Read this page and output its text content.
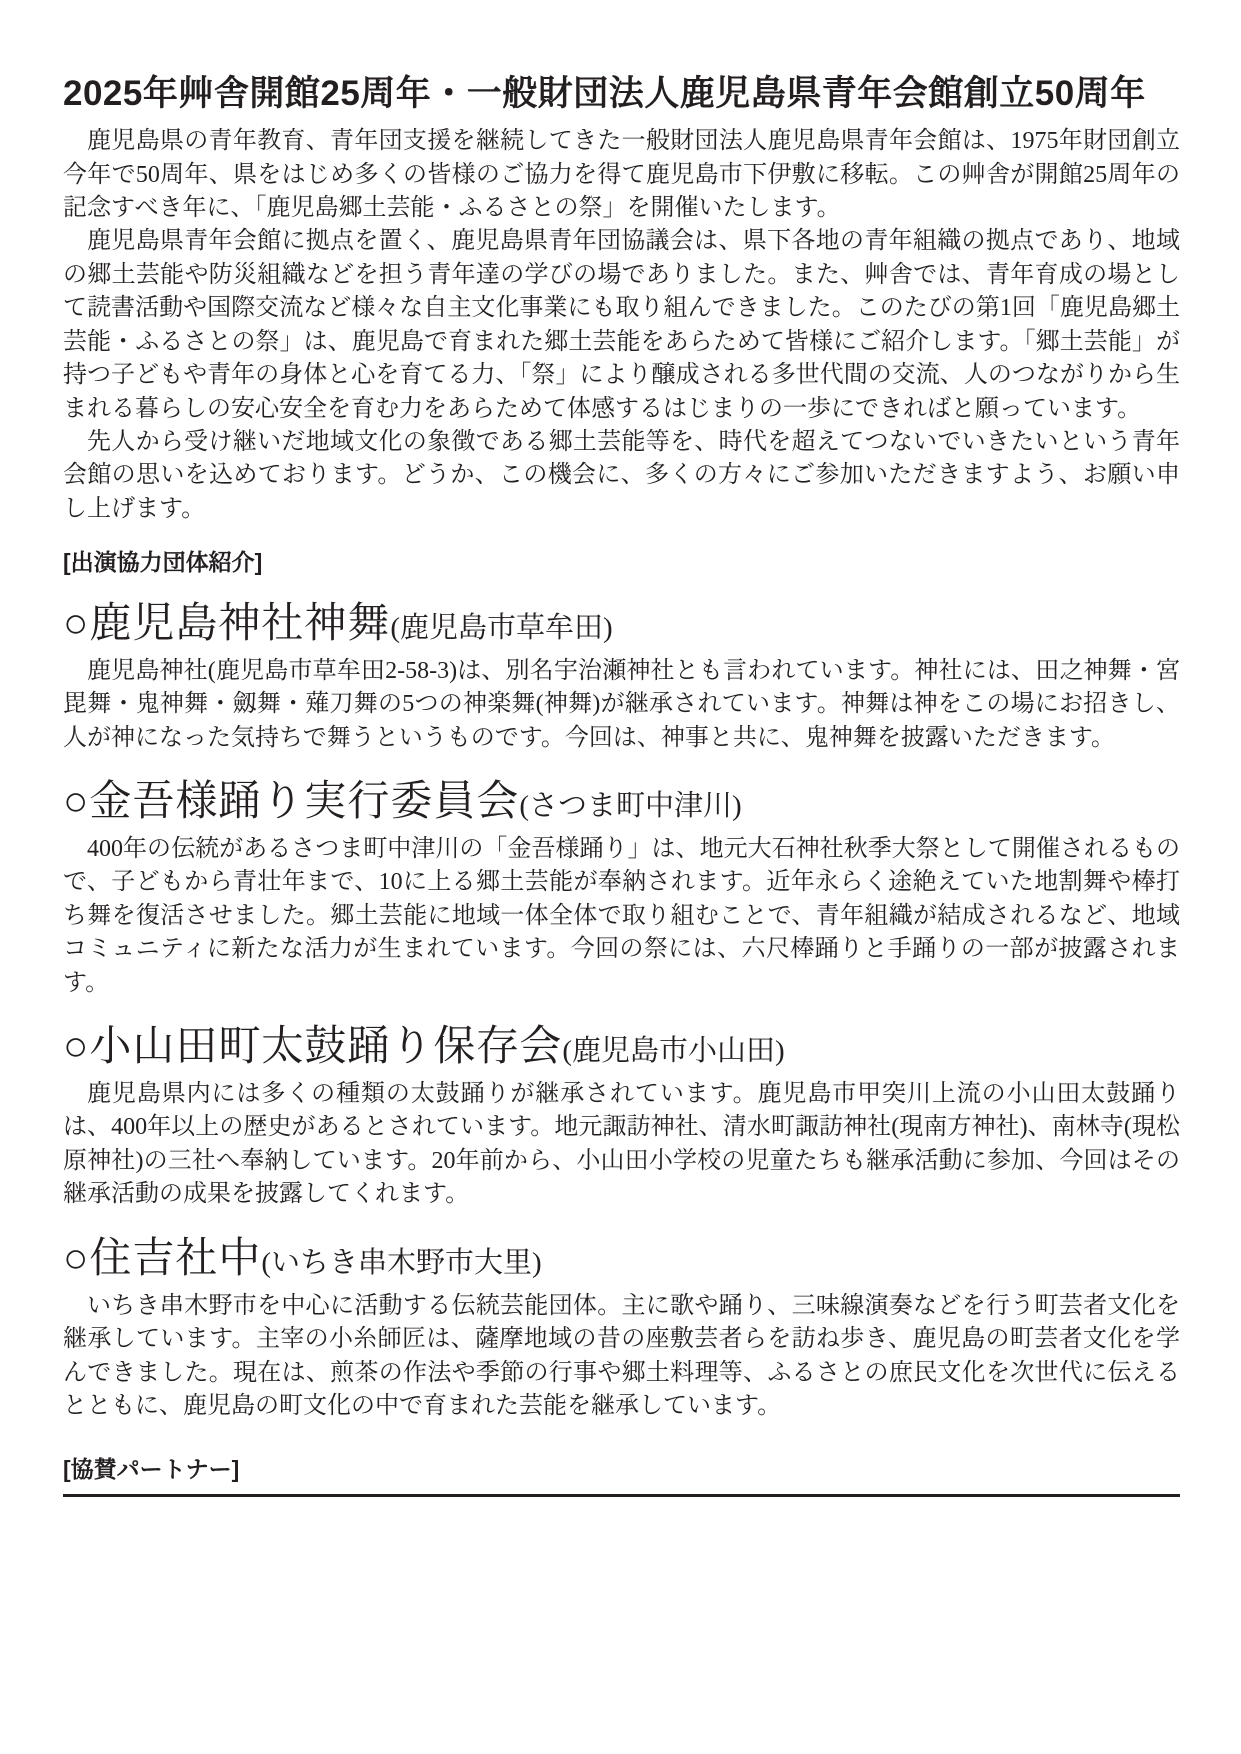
2025年艸舎開館25周年・一般財団法人鹿児島県青年会館創立50周年

鹿児島県の青年教育、青年団支援を継続してきた一般財団法人鹿児島県青年会館は、1975年財団創立今年で50周年、県をはじめ多くの皆様のご協力を得て鹿児島市下伊敷に移転。この艸舎が開館25周年の記念すべき年に、「鹿児島郷土芸能・ふるさとの祭」を開催いたします。

鹿児島県青年会館に拠点を置く、鹿児島県青年団協議会は、県下各地の青年組織の拠点であり、地域の郷土芸能や防災組織などを担う青年達の学びの場でありました。また、艸舎では、青年育成の場として読書活動や国際交流など様々な自主文化事業にも取り組んできました。このたびの第1回「鹿児島郷土芸能・ふるさとの祭」は、鹿児島で育まれた郷土芸能をあらためて皆様にご紹介します。「郷土芸能」が持つ子どもや青年の身体と心を育てる力、「祭」により醸成される多世代間の交流、人のつながりから生まれる暮らしの安心安全を育む力をあらためて体感するはじまりの一歩にできればと願っています。

先人から受け継いだ地域文化の象徴である郷土芸能等を、時代を超えてつないでいきたいという青年会館の思いを込めております。どうか、この機会に、多くの方々にご参加いただきますよう、お願い申し上げます。

[出演協力団体紹介]
○鹿児島神社神舞(鹿児島市草牟田)

鹿児島神社(鹿児島市草牟田2-58-3)は、別名宇治瀬神社とも言われています。神社には、田之神舞・宮毘舞・鬼神舞・劔舞・薙刀舞の5つの神楽舞(神舞)が継承されています。神舞は神をこの場にお招きし、人が神になった気持ちで舞うというものです。今回は、神事と共に、鬼神舞を披露いただきます。

○金吾様踊り実行委員会(さつま町中津川)

400年の伝統があるさつま町中津川の「金吾様踊り」は、地元大石神社秋季大祭として開催されるもので、子どもから青壮年まで、10に上る郷土芸能が奉納されます。近年永らく途絶えていた地割舞や棒打ち舞を復活させました。郷土芸能に地域一体全体で取り組むことで、青年組織が結成されるなど、地域コミュニティに新たな活力が生まれています。今回の祭には、六尺棒踊りと手踊りの一部が披露されます。

○小山田町太鼓踊り保存会(鹿児島市小山田)

鹿児島県内には多くの種類の太鼓踊りが継承されています。鹿児島市甲突川上流の小山田太鼓踊りは、400年以上の歴史があるとされています。地元諏訪神社、清水町諏訪神社(現南方神社)、南林寺(現松原神社)の三社へ奉納しています。20年前から、小山田小学校の児童たちも継承活動に参加、今回はその継承活動の成果を披露してくれます。

○住吉社中(いちき串木野市大里)

いちき串木野市を中心に活動する伝統芸能団体。主に歌や踊り、三味線演奏などを行う町芸者文化を継承しています。主宰の小糸師匠は、薩摩地域の昔の座敷芸者らを訪ね歩き、鹿児島の町芸者文化を学んできました。現在は、煎茶の作法や季節の行事や郷土料理等、ふるさとの庶民文化を次世代に伝えるとともに、鹿児島の町文化の中で育まれた芸能を継承しています。

[協賛パートナー]
